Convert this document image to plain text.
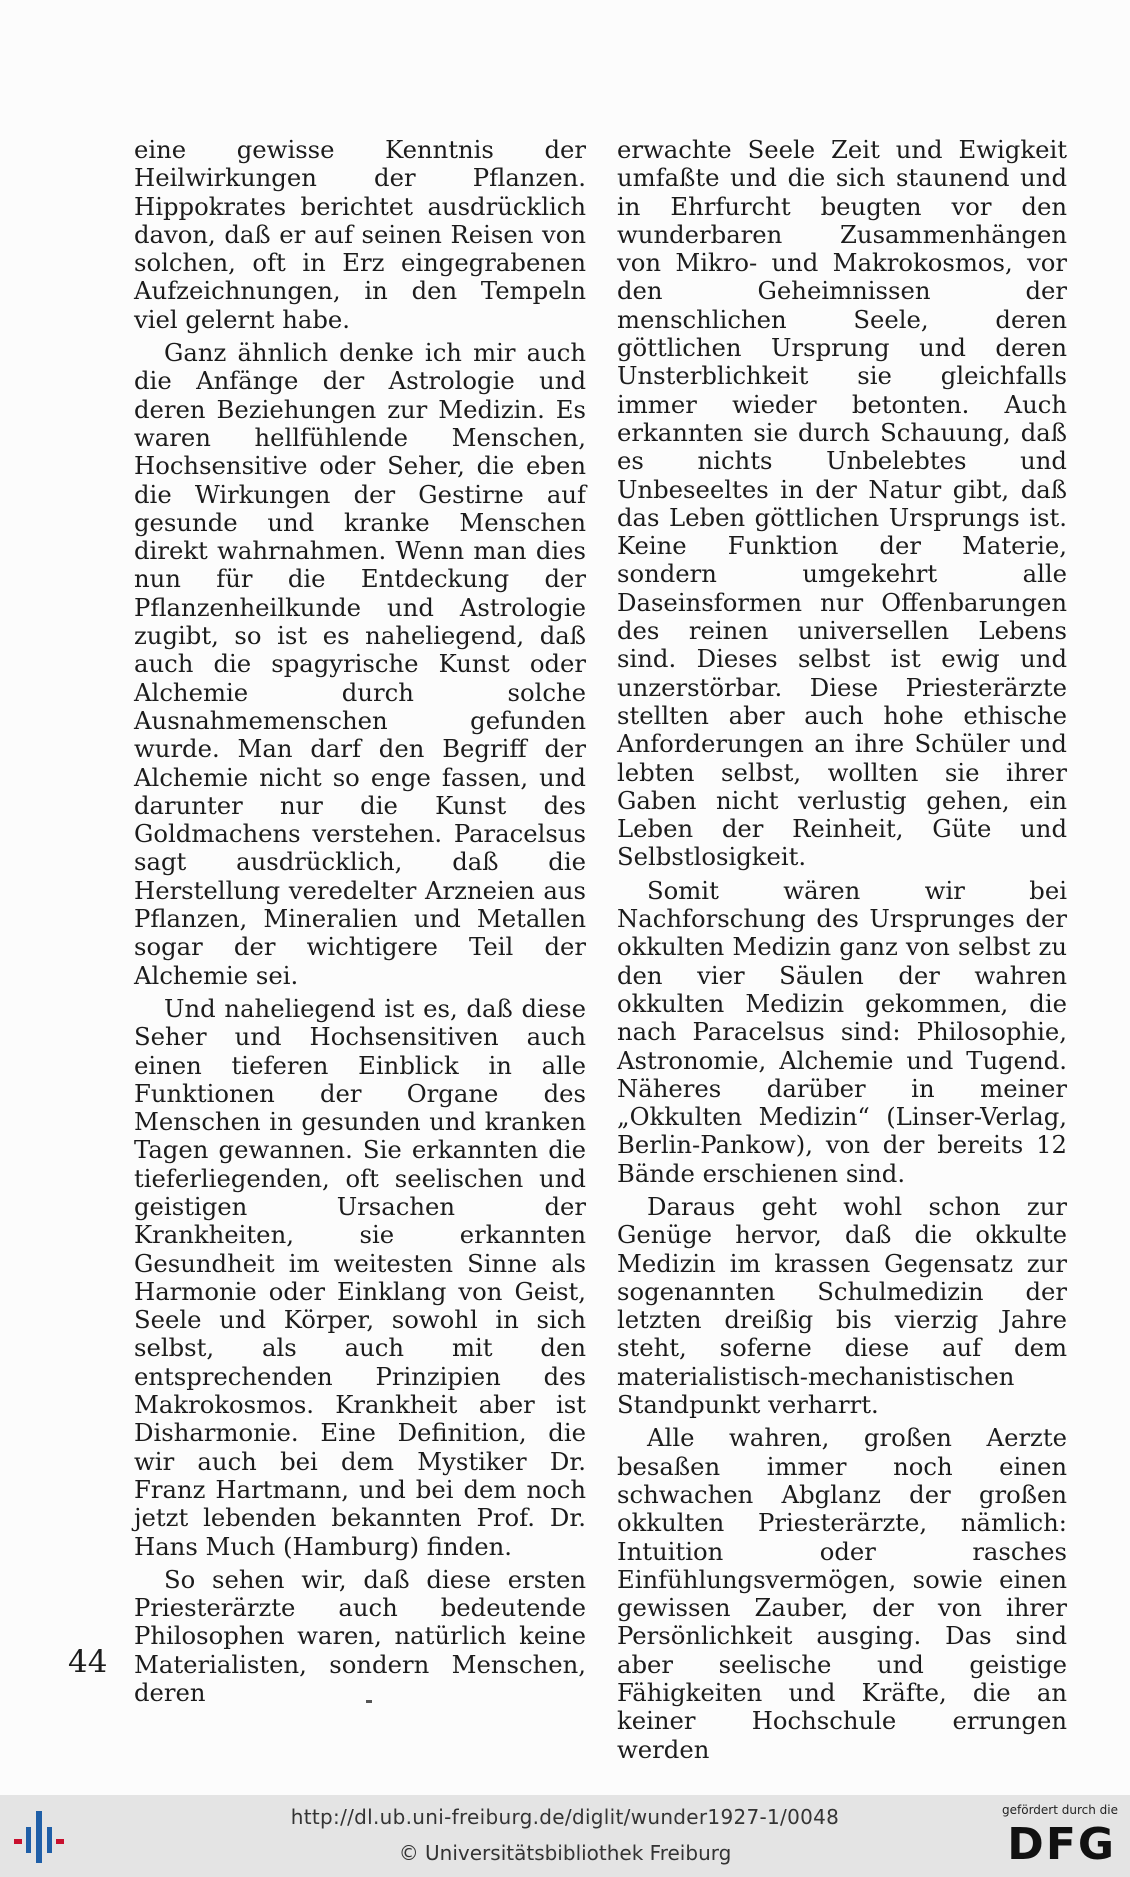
eine gewisse Kenntnis der Heilwirkungen der Pflanzen. Hippokrates berichtet ausdrücklich davon, daß er auf seinen Reisen von solchen, oft in Erz eingegrabenen Aufzeichnungen, in den Tempeln viel gelernt habe.

Ganz ähnlich denke ich mir auch die Anfänge der Astrologie und deren Beziehungen zur Medizin. Es waren hellfühlende Menschen, Hochsensitive oder Seher, die eben die Wirkungen der Gestirne auf gesunde und kranke Menschen direkt wahrnahmen. Wenn man dies nun für die Entdeckung der Pflanzenheilkunde und Astrologie zugibt, so ist es naheliegend, daß auch die spagyrische Kunst oder Alchemie durch solche Ausnahmemenschen gefunden wurde. Man darf den Begriff der Alchemie nicht so enge fassen, und darunter nur die Kunst des Goldmachens verstehen. Paracelsus sagt ausdrücklich, daß die Herstellung veredelter Arzneien aus Pflanzen, Mineralien und Metallen sogar der wichtigere Teil der Alchemie sei.

Und naheliegend ist es, daß diese Seher und Hochsensitiven auch einen tieferen Einblick in alle Funktionen der Organe des Menschen in gesunden und kranken Tagen gewannen. Sie erkannten die tieferliegenden, oft seelischen und geistigen Ursachen der Krankheiten, sie erkannten Gesundheit im weitesten Sinne als Harmonie oder Einklang von Geist, Seele und Körper, sowohl in sich selbst, als auch mit den entsprechenden Prinzipien des Makrokosmos. Krankheit aber ist Disharmonie. Eine Definition, die wir auch bei dem Mystiker Dr. Franz Hartmann, und bei dem noch jetzt lebenden bekannten Prof. Dr. Hans Much (Hamburg) finden.

So sehen wir, daß diese ersten Priesterärzte auch bedeutende Philosophen waren, natürlich keine Materialisten, sondern Menschen, deren

erwachte Seele Zeit und Ewigkeit umfaßte und die sich staunend und in Ehrfurcht beugten vor den wunderbaren Zusammenhängen von Mikro- und Makrokosmos, vor den Geheimnissen der menschlichen Seele, deren göttlichen Ursprung und deren Unsterblichkeit sie gleichfalls immer wieder betonten. Auch erkannten sie durch Schauung, daß es nichts Unbelebtes und Unbeseeltes in der Natur gibt, daß das Leben göttlichen Ursprungs ist. Keine Funktion der Materie, sondern umgekehrt alle Daseinsformen nur Offenbarungen des reinen universellen Lebens sind. Dieses selbst ist ewig und unzerstörbar. Diese Priesterärzte stellten aber auch hohe ethische Anforderungen an ihre Schüler und lebten selbst, wollten sie ihrer Gaben nicht verlustig gehen, ein Leben der Reinheit, Güte und Selbstlosigkeit.

Somit wären wir bei Nachforschung des Ursprunges der okkulten Medizin ganz von selbst zu den vier Säulen der wahren okkulten Medizin gekommen, die nach Paracelsus sind: Philosophie, Astronomie, Alchemie und Tugend. Näheres darüber in meiner „Okkulten Medizin“ (Linser-Verlag, Berlin-Pankow), von der bereits 12 Bände erschienen sind.

Daraus geht wohl schon zur Genüge hervor, daß die okkulte Medizin im krassen Gegensatz zur sogenannten Schulmedizin der letzten dreißig bis vierzig Jahre steht, soferne diese auf dem materialistisch-mechanistischen Standpunkt verharrt.

Alle wahren, großen Aerzte besaßen immer noch einen schwachen Abglanz der großen okkulten Priesterärzte, nämlich: Intuition oder rasches Einfühlungsvermögen, sowie einen gewissen Zauber, der von ihrer Persönlichkeit ausging. Das sind aber seelische und geistige Fähigkeiten und Kräfte, die an keiner Hochschule errungen werden

44
http://dl.ub.uni-freiburg.de/diglit/wunder1927-1/0048
© Universitätsbibliothek Freiburg
gefördert durch die
DFG
